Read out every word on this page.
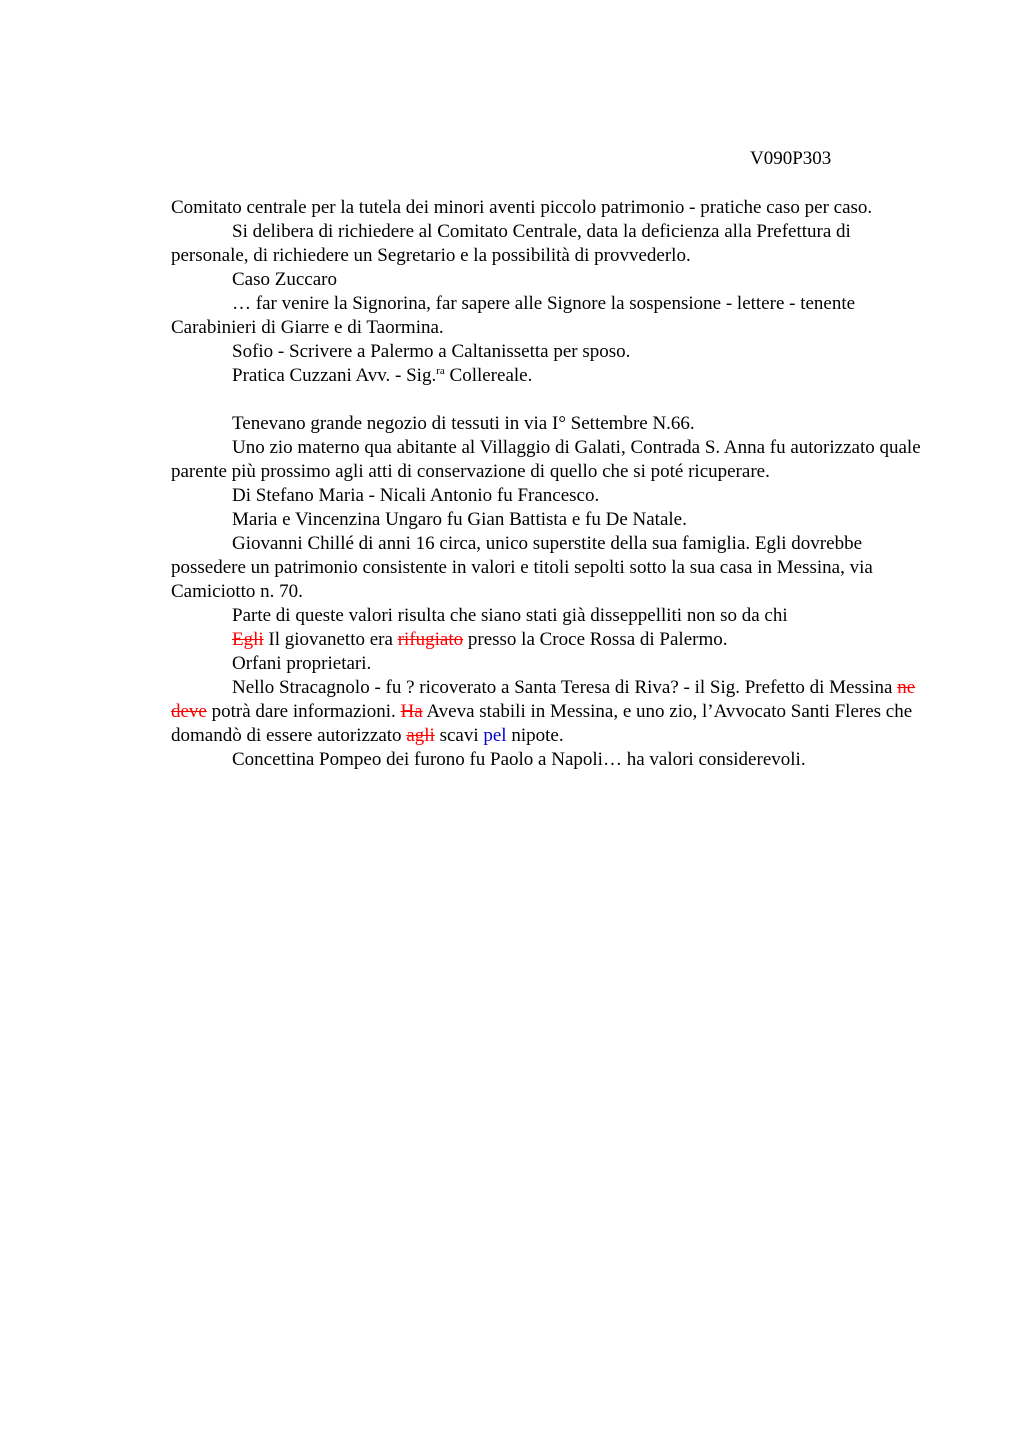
V090P303

Comitato centrale per la tutela dei minori aventi piccolo patrimonio - pratiche caso per caso.

Si delibera di richiedere al Comitato Centrale, data la deficienza alla Prefettura di personale, di richiedere un Segretario e la possibilità di provvederlo.

Caso Zuccaro

… far venire la Signorina, far sapere alle Signore la sospensione - lettere - tenente Carabinieri di Giarre e di Taormina.

Sofio - Scrivere a Palermo a Caltanissetta per sposo.

Pratica Cuzzani Avv. - Sig.$^{ra}$ Collereale.

Tenevano grande negozio di tessuti in via I° Settembre N.66.

Uno zio materno qua abitante al Villaggio di Galati, Contrada S. Anna fu autorizzato quale parente più prossimo agli atti di conservazione di quello che si poté ricuperare.

Di Stefano Maria - Nicali Antonio fu Francesco.

Maria e Vincenzina Ungaro fu Gian Battista e fu De Natale.

Giovanni Chillé di anni 16 circa, unico superstite della sua famiglia. Egli dovrebbe possedere un patrimonio consistente in valori e titoli sepolti sotto la sua casa in Messina, via Camiciotto n. 70.

Parte di queste valori risulta che siano stati già disseppelliti non so da chi

Egli Il giovanetto era rifugiato presso la Croce Rossa di Palermo.

Orfani proprietari.

Nello Stracagnolo - fu ? ricoverato a Santa Teresa di Riva? - il Sig. Prefetto di Messina ne deve potrà dare informazioni. Ha Aveva stabili in Messina, e uno zio, l’Avvocato Santi Fleres che domandò di essere autorizzato agli scavi pel nipote.

Concettina Pompeo dei furono fu Paolo a Napoli… ha valori considerevoli.
